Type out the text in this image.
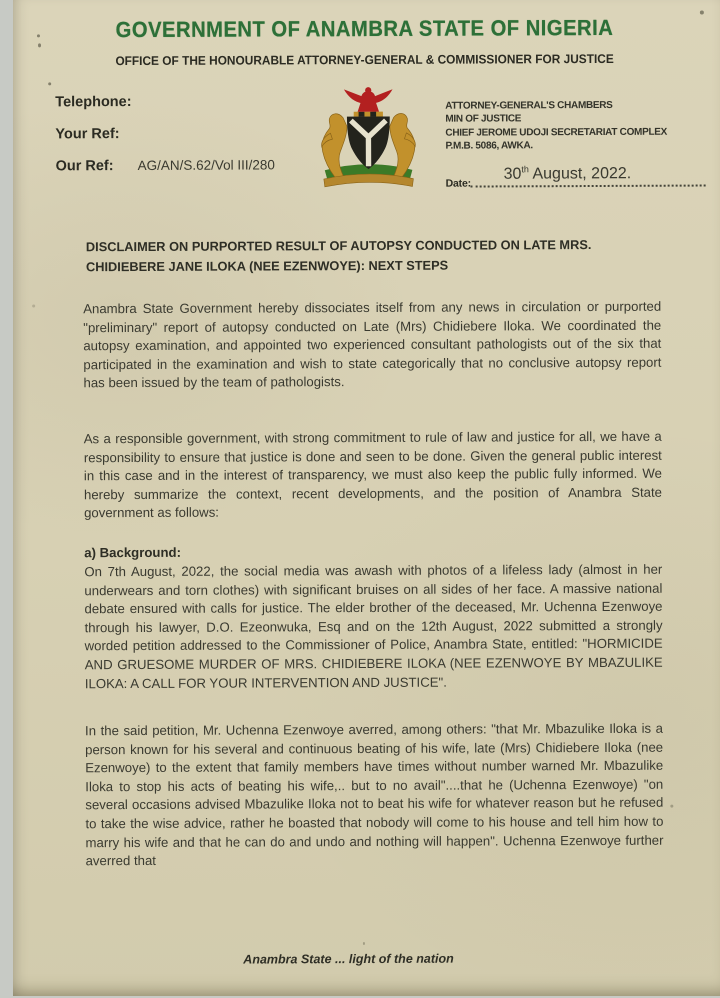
GOVERNMENT OF ANAMBRA STATE OF NIGERIA
OFFICE OF THE HONOURABLE ATTORNEY-GENERAL & COMMISSIONER FOR JUSTICE
Telephone:
Your Ref:
Our Ref: AG/AN/S.62/Vol III/280
ATTORNEY-GENERAL'S CHAMBERS
MIN OF JUSTICE
CHIEF JEROME UDOJI SECRETARIAT COMPLEX
P.M.B. 5086, AWKA.
30th August, 2022.
Date:
DISCLAIMER ON PURPORTED RESULT OF AUTOPSY CONDUCTED ON LATE MRS. CHIDIEBERE JANE ILOKA (NEE EZENWOYE): NEXT STEPS

Anambra State Government hereby dissociates itself from any news in circulation or purported "preliminary" report of autopsy conducted on Late (Mrs) Chidiebere Iloka. We coordinated the autopsy examination, and appointed two experienced consultant pathologists out of the six that participated in the examination and wish to state categorically that no conclusive autopsy report has been issued by the team of pathologists.

As a responsible government, with strong commitment to rule of law and justice for all, we have a responsibility to ensure that justice is done and seen to be done. Given the general public interest in this case and in the interest of transparency, we must also keep the public fully informed. We hereby summarize the context, recent developments, and the position of Anambra State government as follows:

a) Background:

On 7th August, 2022, the social media was awash with photos of a lifeless lady (almost in her underwears and torn clothes) with significant bruises on all sides of her face. A massive national debate ensured with calls for justice. The elder brother of the deceased, Mr. Uchenna Ezenwoye through his lawyer, D.O. Ezeonwuka, Esq and on the 12th August, 2022 submitted a strongly worded petition addressed to the Commissioner of Police, Anambra State, entitled: "HORMICIDE AND GRUESOME MURDER OF MRS. CHIDIEBERE ILOKA (NEE EZENWOYE BY MBAZULIKE ILOKA: A CALL FOR YOUR INTERVENTION AND JUSTICE".

In the said petition, Mr. Uchenna Ezenwoye averred, among others: "that Mr. Mbazulike Iloka is a person known for his several and continuous beating of his wife, late (Mrs) Chidiebere Iloka (nee Ezenwoye) to the extent that family members have times without number warned Mr. Mbazulike Iloka to stop his acts of beating his wife,.. but to no avail"....that he (Uchenna Ezenwoye) "on several occasions advised Mbazulike Iloka not to beat his wife for whatever reason but he refused to take the wise advice, rather he boasted that nobody will come to his house and tell him how to marry his wife and that he can do and undo and nothing will happen". Uchenna Ezenwoye further averred that

Anambra State ... light of the nation
